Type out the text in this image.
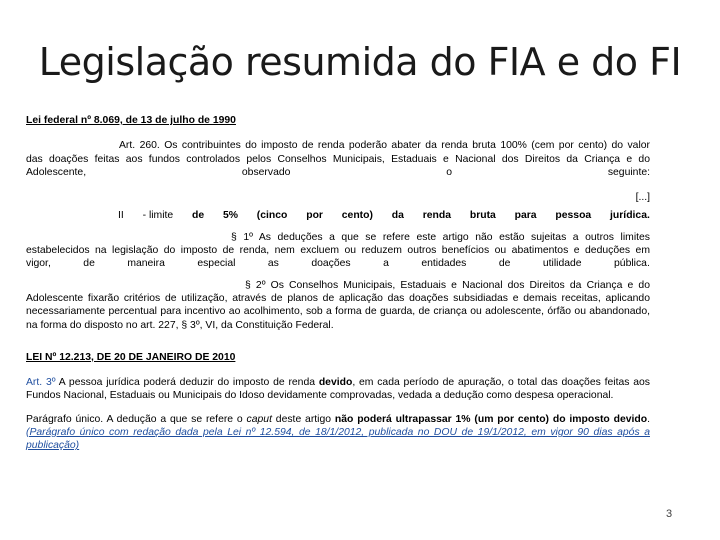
Legislação resumida do FIA e do FI
Lei federal nº 8.069, de 13 de julho de 1990
Art. 260. Os contribuintes do imposto de renda poderão abater da renda bruta 100% (cem por cento) do valor
das doações feitas aos fundos controlados pelos Conselhos Municipais, Estaduais e Nacional dos Direitos da Criança e do
Adolescente,	observado	o	seguinte:
[...]
II - limite de 5% (cinco por cento) da renda bruta para pessoa jurídica.
§ 1º As deduções a que se refere este artigo não estão sujeitas a outros limites
estabelecidos na legislação do imposto de renda, nem excluem ou reduzem outros benefícios ou abatimentos e deduções em
vigor,	de	maneira	especial	as	doações	a	entidades	de	utilidade	pública.
§ 2º Os Conselhos Municipais, Estaduais e Nacional dos Direitos da Criança e do
Adolescente fixarão critérios de utilização, através de planos de aplicação das doações subsidiadas e demais receitas, aplicando necessariamente percentual para incentivo ao acolhimento, sob a forma de guarda, de criança ou adolescente, órfão ou abandonado, na forma do disposto no art. 227, § 3º, VI, da Constituição Federal.
LEI Nº 12.213, DE 20 DE JANEIRO DE 2010
Art. 3º A pessoa jurídica poderá deduzir do imposto de renda devido, em cada período de apuração, o total das doações feitas aos Fundos Nacional, Estaduais ou Municipais do Idoso devidamente comprovadas, vedada a dedução como despesa operacional.
Parágrafo único. A dedução a que se refere o caput deste artigo não poderá ultrapassar 1% (um por cento) do imposto devido. (Parágrafo único com redação dada pela Lei nº 12.594, de 18/1/2012, publicada no DOU de 19/1/2012, em vigor 90 dias após a publicação)
3
